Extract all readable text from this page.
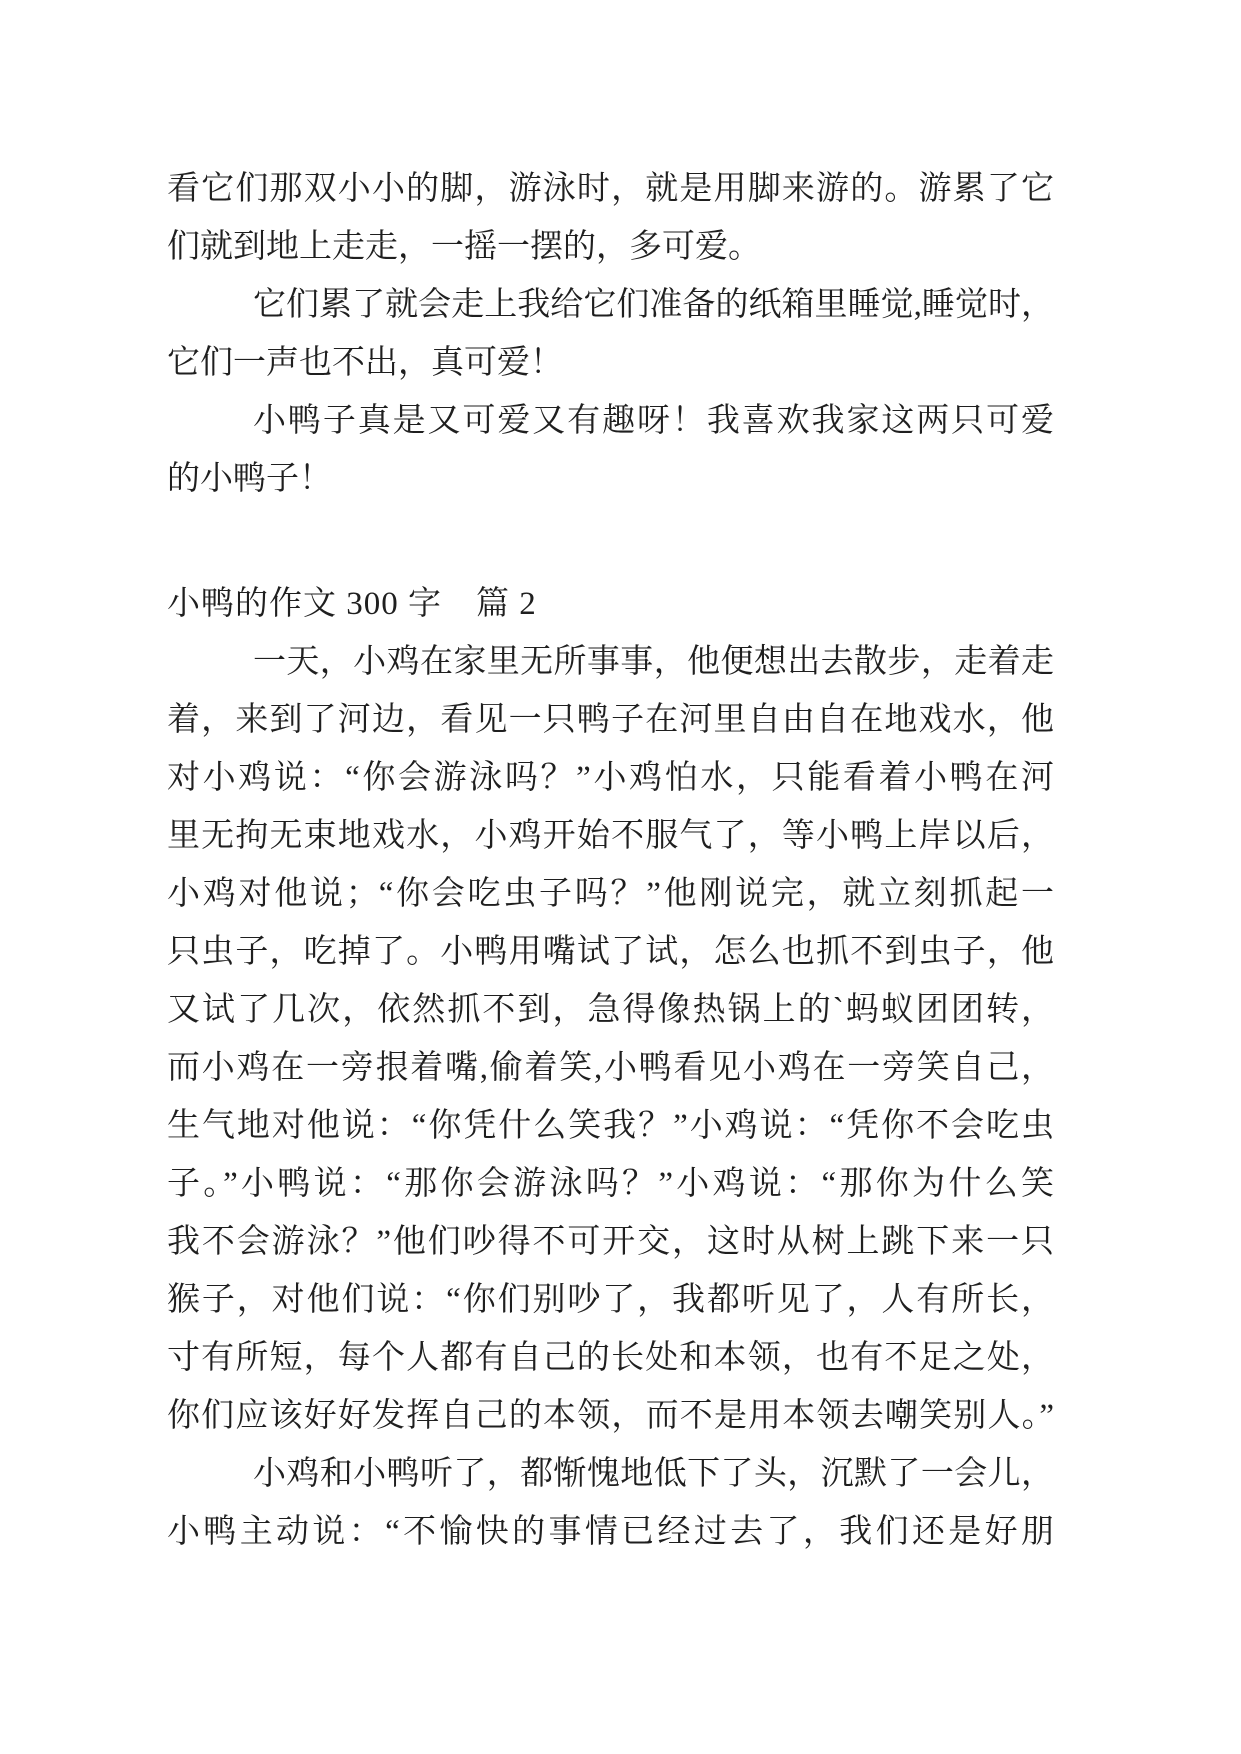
看它们那双小小的脚，游泳时，就是用脚来游的。游累了它
们就到地上走走，一摇一摆的，多可爱。
它们累了就会走上我给它们准备的纸箱里睡觉,睡觉时，
它们一声也不出，真可爱！
小鸭子真是又可爱又有趣呀！我喜欢我家这两只可爱
的小鸭子！
小鸭的作文 300 字　篇 2
一天，小鸡在家里无所事事，他便想出去散步，走着走
着，来到了河边，看见一只鸭子在河里自由自在地戏水，他
对小鸡说：“你会游泳吗？”小鸡怕水，只能看着小鸭在河
里无拘无束地戏水，小鸡开始不服气了，等小鸭上岸以后，
小鸡对他说；“你会吃虫子吗？”他刚说完，就立刻抓起一
只虫子，吃掉了。小鸭用嘴试了试，怎么也抓不到虫子，他
又试了几次，依然抓不到，急得像热锅上的`蚂蚁团团转，
而小鸡在一旁拫着嘴,偷着笑,小鸭看见小鸡在一旁笑自己，
生气地对他说：“你凭什么笑我？”小鸡说：“凭你不会吃虫
子。”小鸭说：“那你会游泳吗？”小鸡说：“那你为什么笑
我不会游泳？”他们吵得不可开交，这时从树上跳下来一只
猴子，对他们说：“你们别吵了，我都听见了，人有所长，
寸有所短，每个人都有自己的长处和本领，也有不足之处，
你们应该好好发挥自己的本领，而不是用本领去嘲笑别人。”
小鸡和小鸭听了，都惭愧地低下了头，沉默了一会儿，
小鸭主动说：“不愉快的事情已经过去了，我们还是好朋
